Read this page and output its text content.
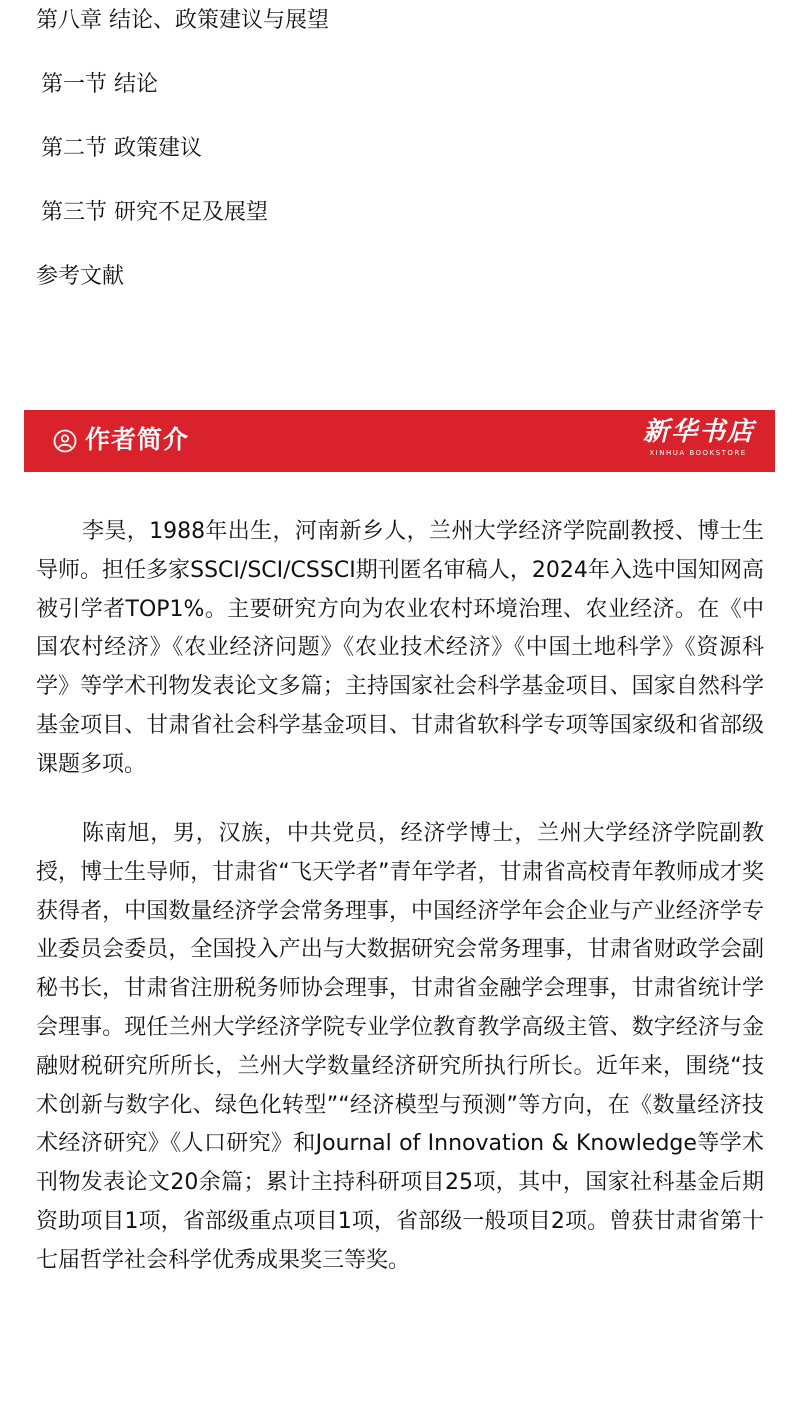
第八章 结论、政策建议与展望
第一节 结论
第二节 政策建议
第三节 研究不足及展望
参考文献
作者简介	新华书店
XINHUA BOOKSTORE

李昊，1988年出生，河南新乡人，兰州大学经济学院副教授、博士生导师。担任多家SSCI/SCI/CSSCI期刊匿名审稿人，2024年入选中国知网高被引学者TOP1%。主要研究方向为农业农村环境治理、农业经济。在《中国农村经济》《农业经济问题》《农业技术经济》《中国土地科学》《资源科学》等学术刊物发表论文多篇；主持国家社会科学基金项目、国家自然科学基金项目、甘肃省社会科学基金项目、甘肃省软科学专项等国家级和省部级课题多项。

陈南旭，男，汉族，中共党员，经济学博士，兰州大学经济学院副教授，博士生导师，甘肃省“飞天学者”青年学者，甘肃省高校青年教师成才奖获得者，中国数量经济学会常务理事，中国经济学年会企业与产业经济学专业委员会委员，全国投入产出与大数据研究会常务理事，甘肃省财政学会副秘书长，甘肃省注册税务师协会理事，甘肃省金融学会理事，甘肃省统计学会理事。现任兰州大学经济学院专业学位教育教学高级主管、数字经济与金融财税研究所所长，兰州大学数量经济研究所执行所长。近年来，围绕“技术创新与数字化、绿色化转型”“经济模型与预测”等方向，在《数量经济技术经济研究》《人口研究》和Journal of Innovation & Knowledge等学术刊物发表论文20余篇；累计主持科研项目25项，其中，国家社科基金后期资助项目1项，省部级重点项目1项，省部级一般项目2项。曾获甘肃省第十七届哲学社会科学优秀成果奖三等奖。
